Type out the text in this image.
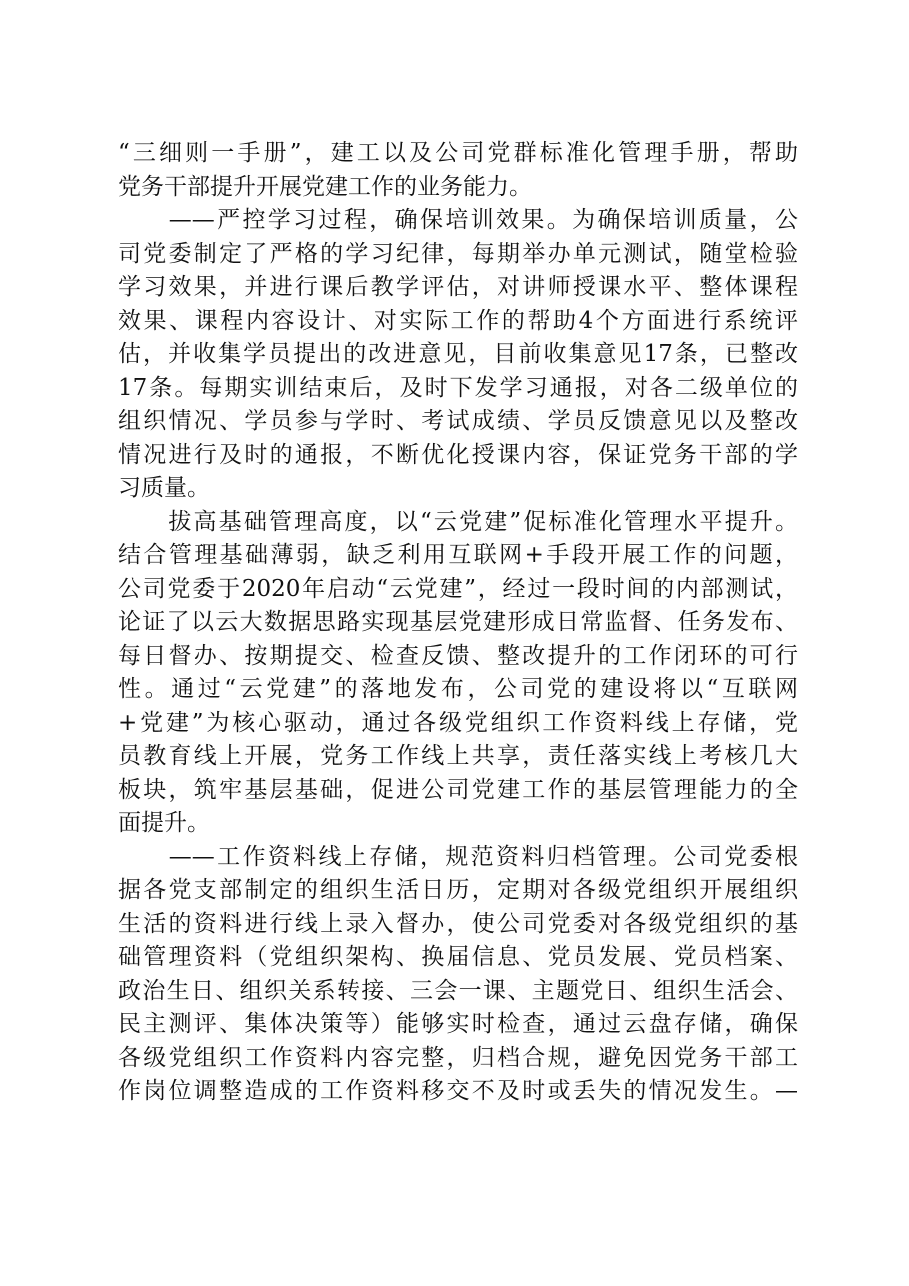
“三细则一手册”，建工以及公司党群标准化管理手册，帮助
党务干部提升开展党建工作的业务能力。
　　——严控学习过程，确保培训效果。为确保培训质量，公
司党委制定了严格的学习纪律，每期举办单元测试，随堂检验
学习效果，并进行课后教学评估，对讲师授课水平、整体课程
效果、课程内容设计、对实际工作的帮助4个方面进行系统评
估，并收集学员提出的改进意见，目前收集意见17条，已整改
17条。每期实训结束后，及时下发学习通报，对各二级单位的
组织情况、学员参与学时、考试成绩、学员反馈意见以及整改
情况进行及时的通报，不断优化授课内容，保证党务干部的学
习质量。
　　拔高基础管理高度，以“云党建”促标准化管理水平提升。
结合管理基础薄弱，缺乏利用互联网+手段开展工作的问题，
公司党委于2020年启动“云党建”，经过一段时间的内部测试，
论证了以云大数据思路实现基层党建形成日常监督、任务发布、
每日督办、按期提交、检查反馈、整改提升的工作闭环的可行
性。通过“云党建”的落地发布，公司党的建设将以“互联网
+党建”为核心驱动，通过各级党组织工作资料线上存储，党
员教育线上开展，党务工作线上共享，责任落实线上考核几大
板块，筑牢基层基础，促进公司党建工作的基层管理能力的全
面提升。
　　——工作资料线上存储，规范资料归档管理。公司党委根
据各党支部制定的组织生活日历，定期对各级党组织开展组织
生活的资料进行线上录入督办，使公司党委对各级党组织的基
础管理资料（党组织架构、换届信息、党员发展、党员档案、
政治生日、组织关系转接、三会一课、主题党日、组织生活会、
民主测评、集体决策等）能够实时检查，通过云盘存储，确保
各级党组织工作资料内容完整，归档合规，避免因党务干部工
作岗位调整造成的工作资料移交不及时或丢失的情况发生。—
